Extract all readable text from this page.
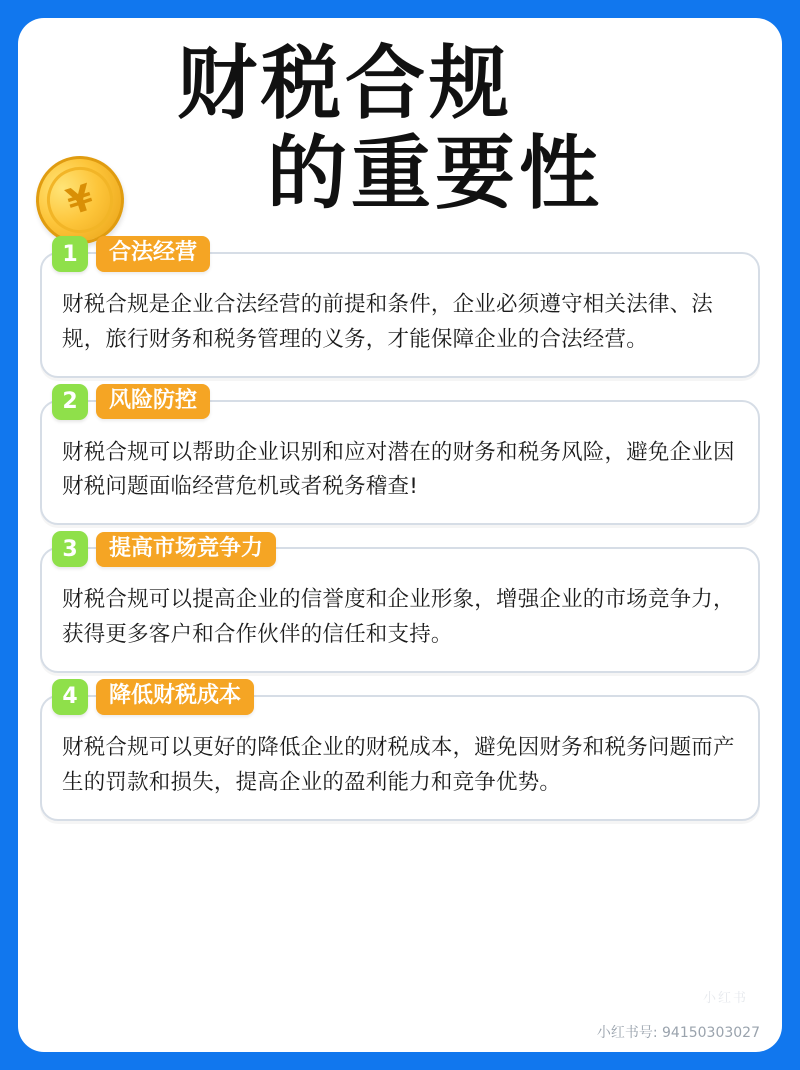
财税合规
的重要性
¥
1	合法经营
财税合规是企业合法经营的前提和条件，企业必须遵守相关法律、法规，旅行财务和税务管理的义务，才能保障企业的合法经营。
2	风险防控
财税合规可以帮助企业识别和应对潜在的财务和税务风险，避免企业因财税问题面临经营危机或者税务稽查!
3	提高市场竞争力
财税合规可以提高企业的信誉度和企业形象，增强企业的市场竞争力，获得更多客户和合作伙伴的信任和支持。
4	降低财税成本
财税合规可以更好的降低企业的财税成本，避免因财务和税务问题而产生的罚款和损失，提高企业的盈利能力和竞争优势。
小红书
小红书号: 94150303027
